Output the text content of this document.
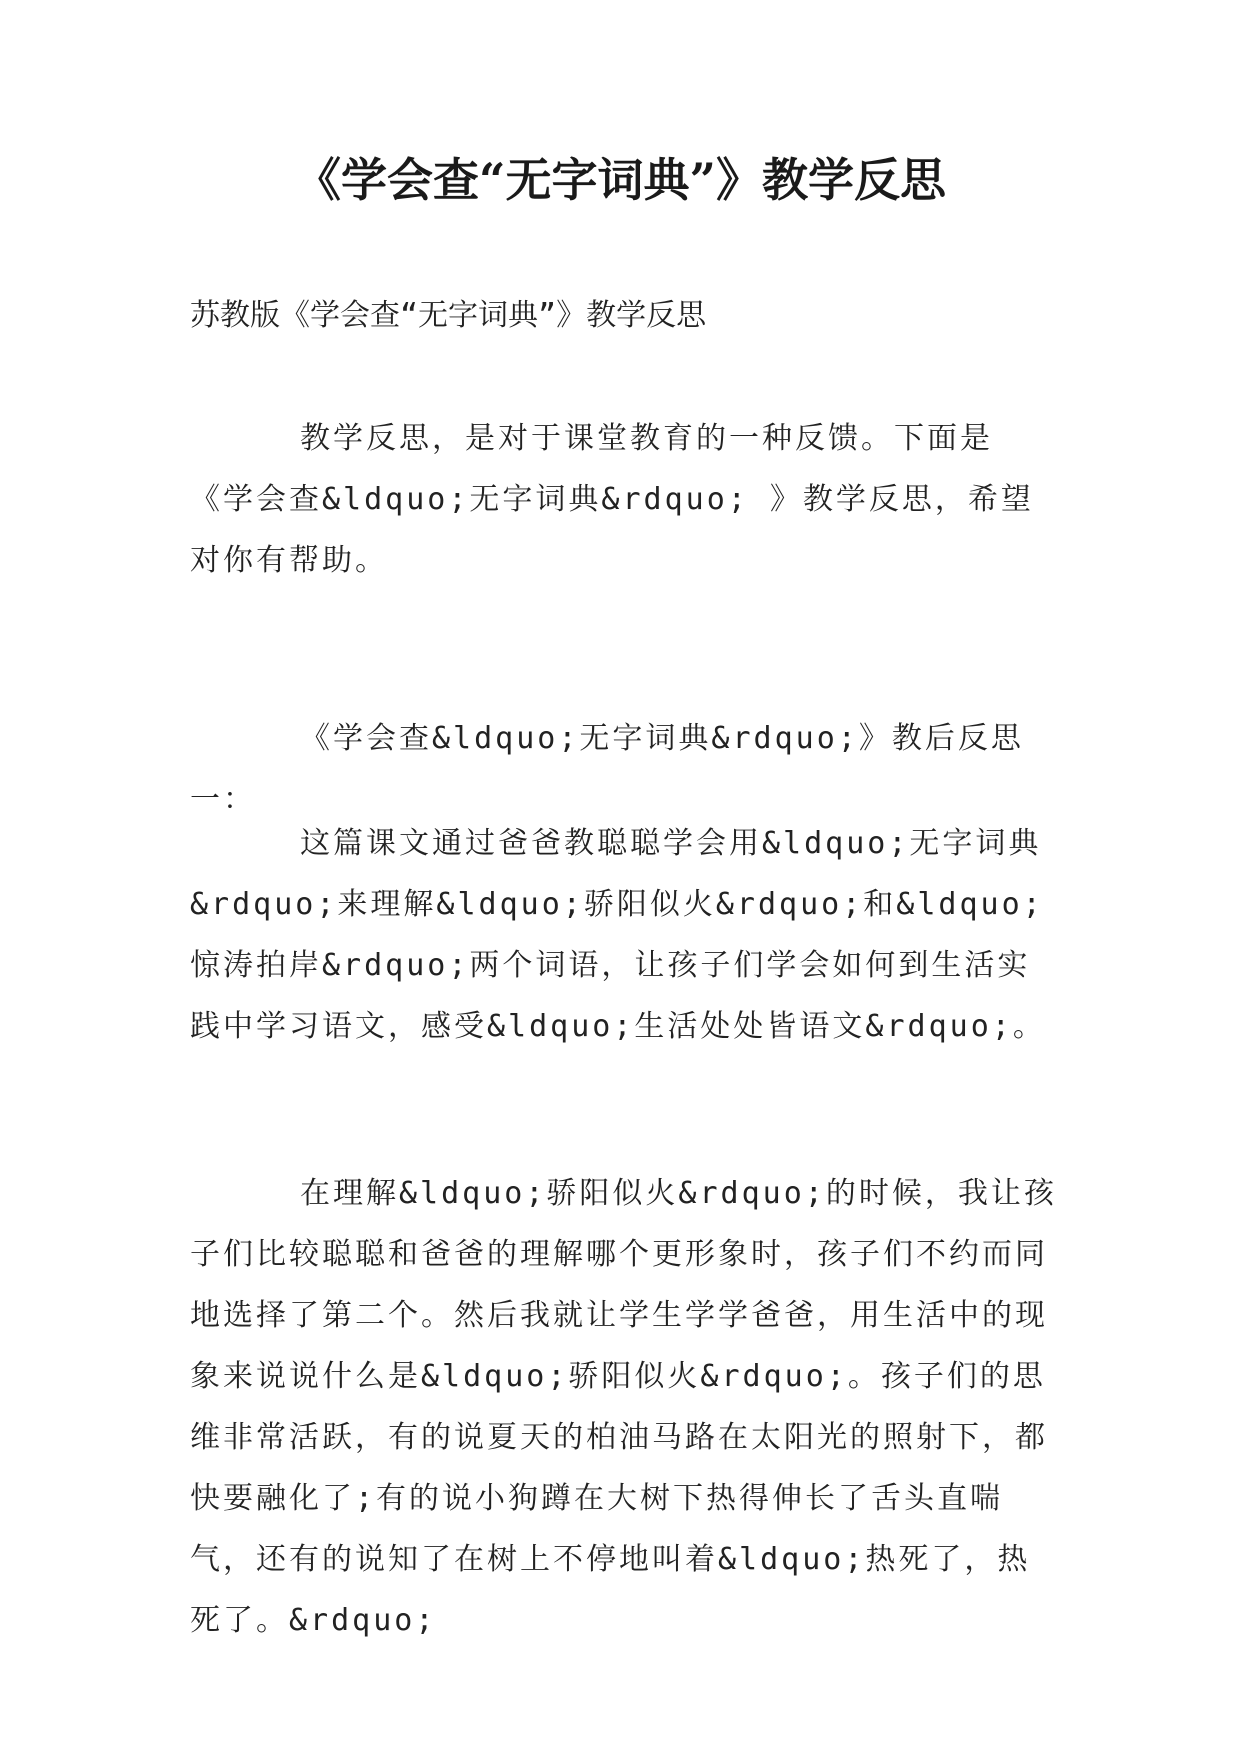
《学会查“无字词典”》教学反思

苏教版《学会查“无字词典”》教学反思

教学反思，是对于课堂教育的一种反馈。下面是《学会查&ldquo;无字词典&rdquo; 》教学反思，希望对你有帮助。

《学会查&ldquo;无字词典&rdquo;》教后反思一：

这篇课文通过爸爸教聪聪学会用&ldquo;无字词典&rdquo;来理解&ldquo;骄阳似火&rdquo;和&ldquo;惊涛拍岸&rdquo;两个词语，让孩子们学会如何到生活实践中学习语文，感受&ldquo;生活处处皆语文&rdquo;。

在理解&ldquo;骄阳似火&rdquo;的时候，我让孩子们比较聪聪和爸爸的理解哪个更形象时，孩子们不约而同地选择了第二个。然后我就让学生学学爸爸，用生活中的现象来说说什么是&ldquo;骄阳似火&rdquo;。孩子们的思维非常活跃，有的说夏天的柏油马路在太阳光的照射下，都快要融化了;有的说小狗蹲在大树下热得伸长了舌头直喘气，还有的说知了在树上不停地叫着&ldquo;热死了，热死了。&rdquo;
